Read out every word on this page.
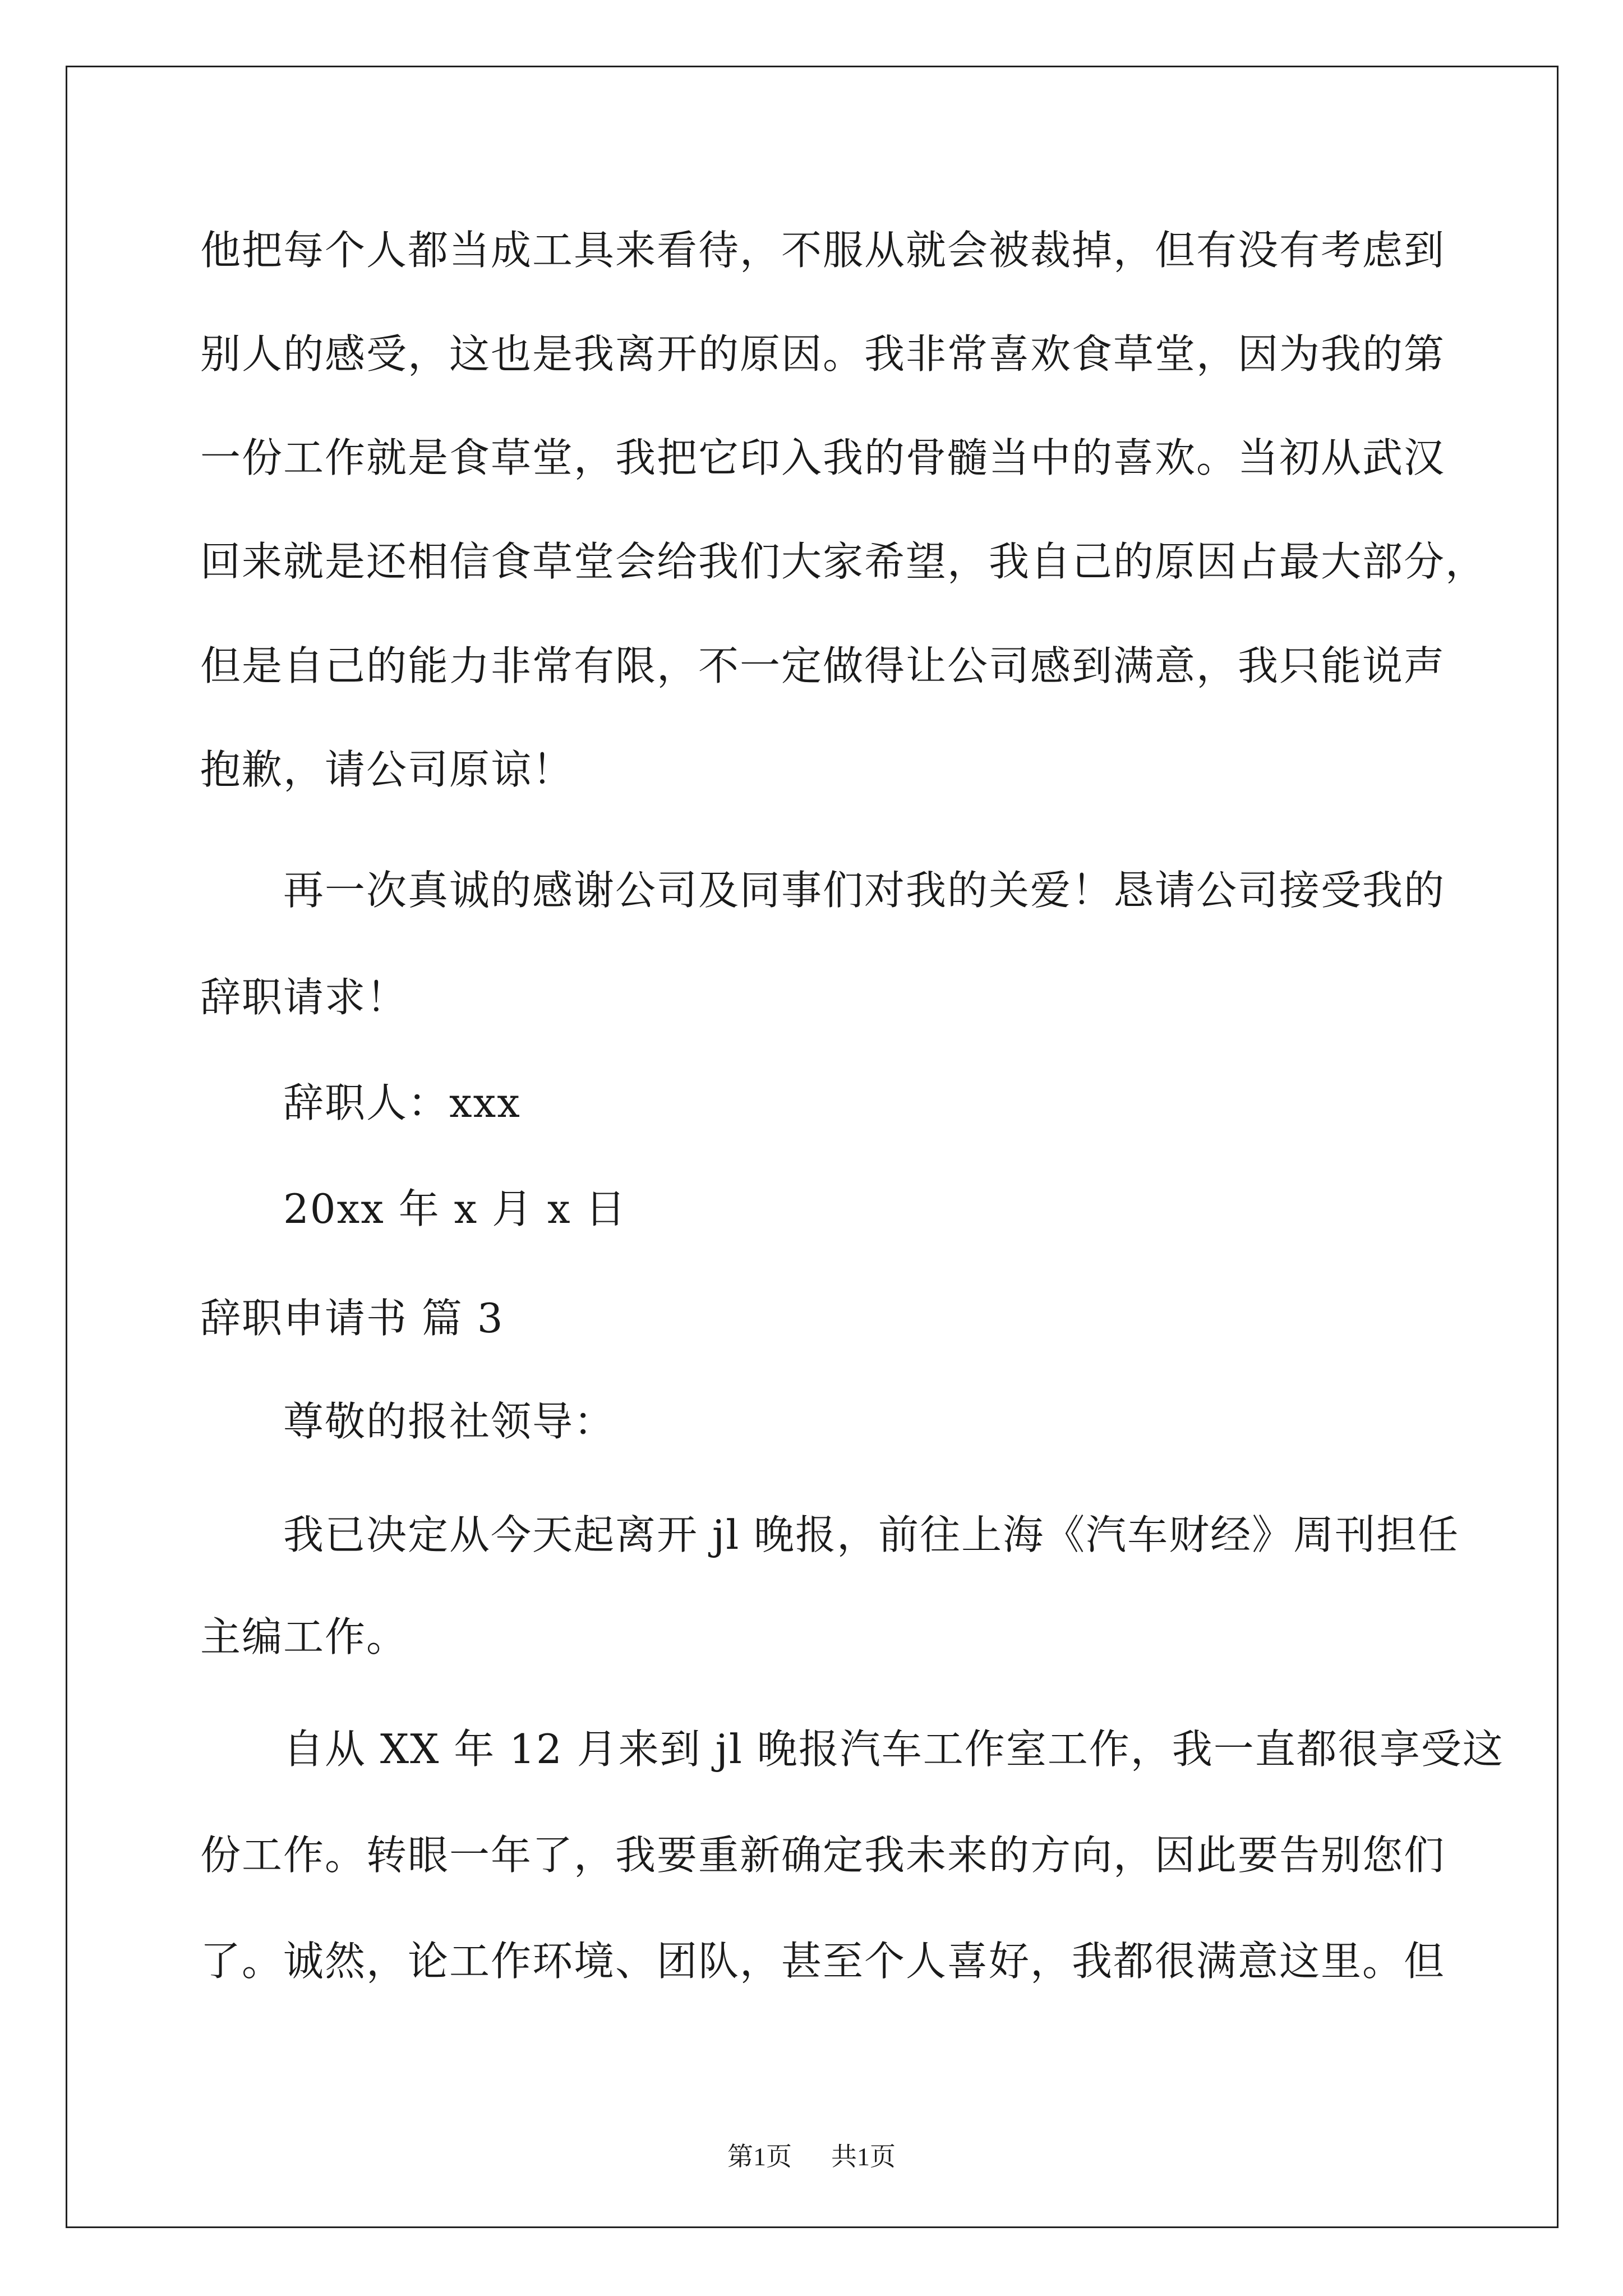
他把每个人都当成工具来看待，不服从就会被裁掉，但有没有考虑到

别人的感受，这也是我离开的原因。我非常喜欢食草堂，因为我的第

一份工作就是食草堂，我把它印入我的骨髓当中的喜欢。当初从武汉

回来就是还相信食草堂会给我们大家希望，我自己的原因占最大部分，

但是自己的能力非常有限，不一定做得让公司感到满意，我只能说声

抱歉，请公司原谅！

再一次真诚的感谢公司及同事们对我的关爱！恳请公司接受我的

辞职请求！

辞职人：xxx

20xx 年 x 月 x 日

辞职申请书 篇 3

尊敬的报社领导：

我已决定从今天起离开 jl 晚报，前往上海《汽车财经》周刊担任

主编工作。

自从 XX 年 12 月来到 jl 晚报汽车工作室工作，我一直都很享受这

份工作。转眼一年了，我要重新确定我未来的方向，因此要告别您们

了。诚然，论工作环境、团队，甚至个人喜好，我都很满意这里。但

第1页 共1页
